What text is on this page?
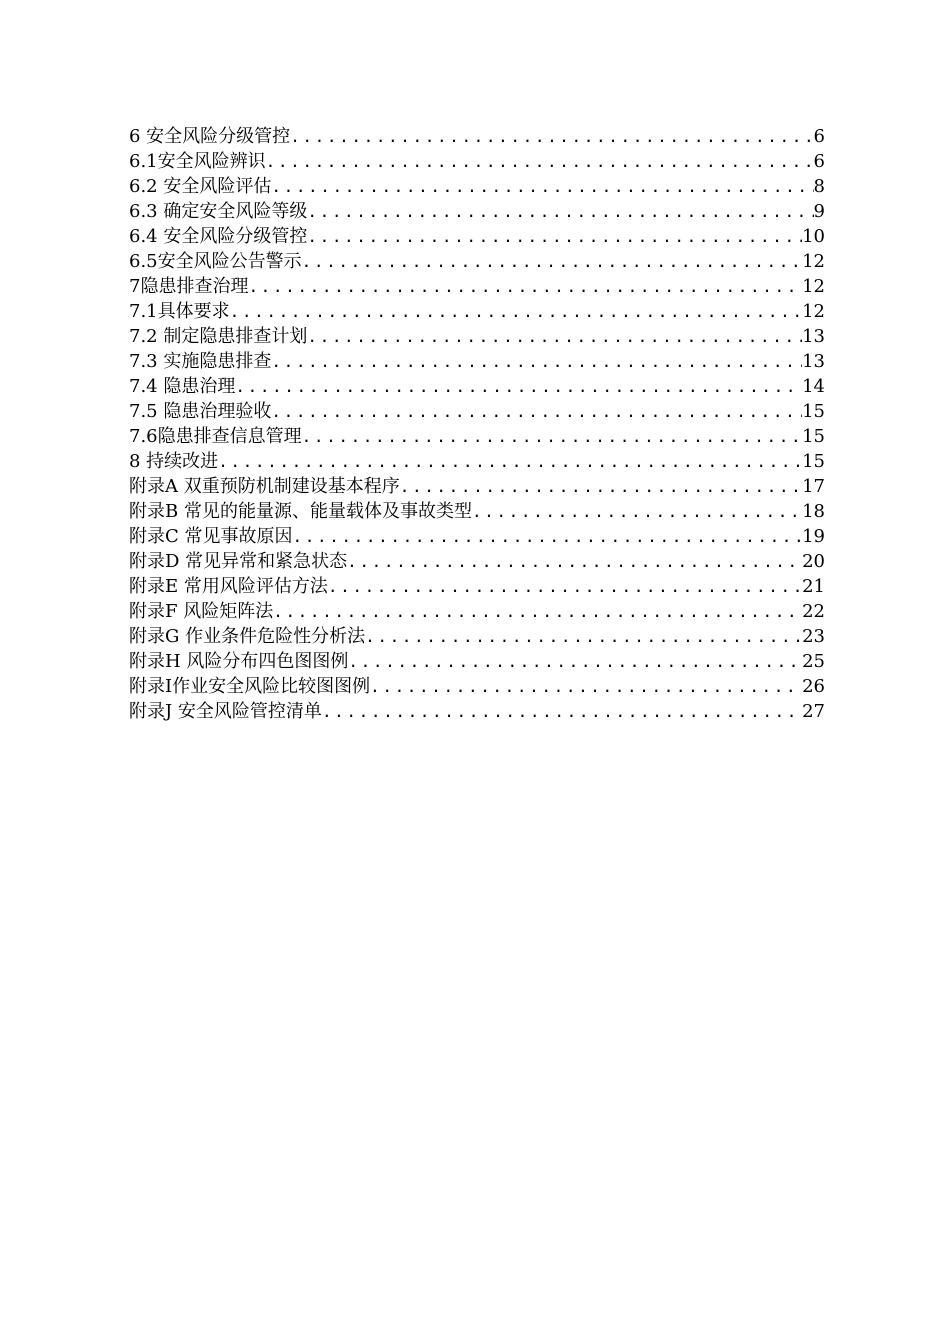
6 安全风险分级管控 .....	6
6.1安全风险辨识 .....	6
6.2 安全风险评估 .....	8
6.3 确定安全风险等级 .....	9
6.4 安全风险分级管控 .....	10
6.5安全风险公告警示 .....	12
7隐患排查治理 .....	12
7.1具体要求 .....	12
7.2 制定隐患排查计划 .....	13
7.3 实施隐患排查 .....	13
7.4 隐患治理 .....	14
7.5 隐患治理验收 .....	15
7.6隐患排查信息管理 .....	15
8 持续改进 .....	15
附录A 双重预防机制建设基本程序 .....	17
附录B 常见的能量源、能量载体及事故类型 .....	18
附录C 常见事故原因 .....	19
附录D 常见异常和紧急状态 .....	20
附录E 常用风险评估方法 .....	21
附录F 风险矩阵法 .....	22
附录G 作业条件危险性分析法 .....	23
附录H 风险分布四色图图例 .....	25
附录I作业安全风险比较图图例 .....	26
附录J 安全风险管控清单 .....	27
